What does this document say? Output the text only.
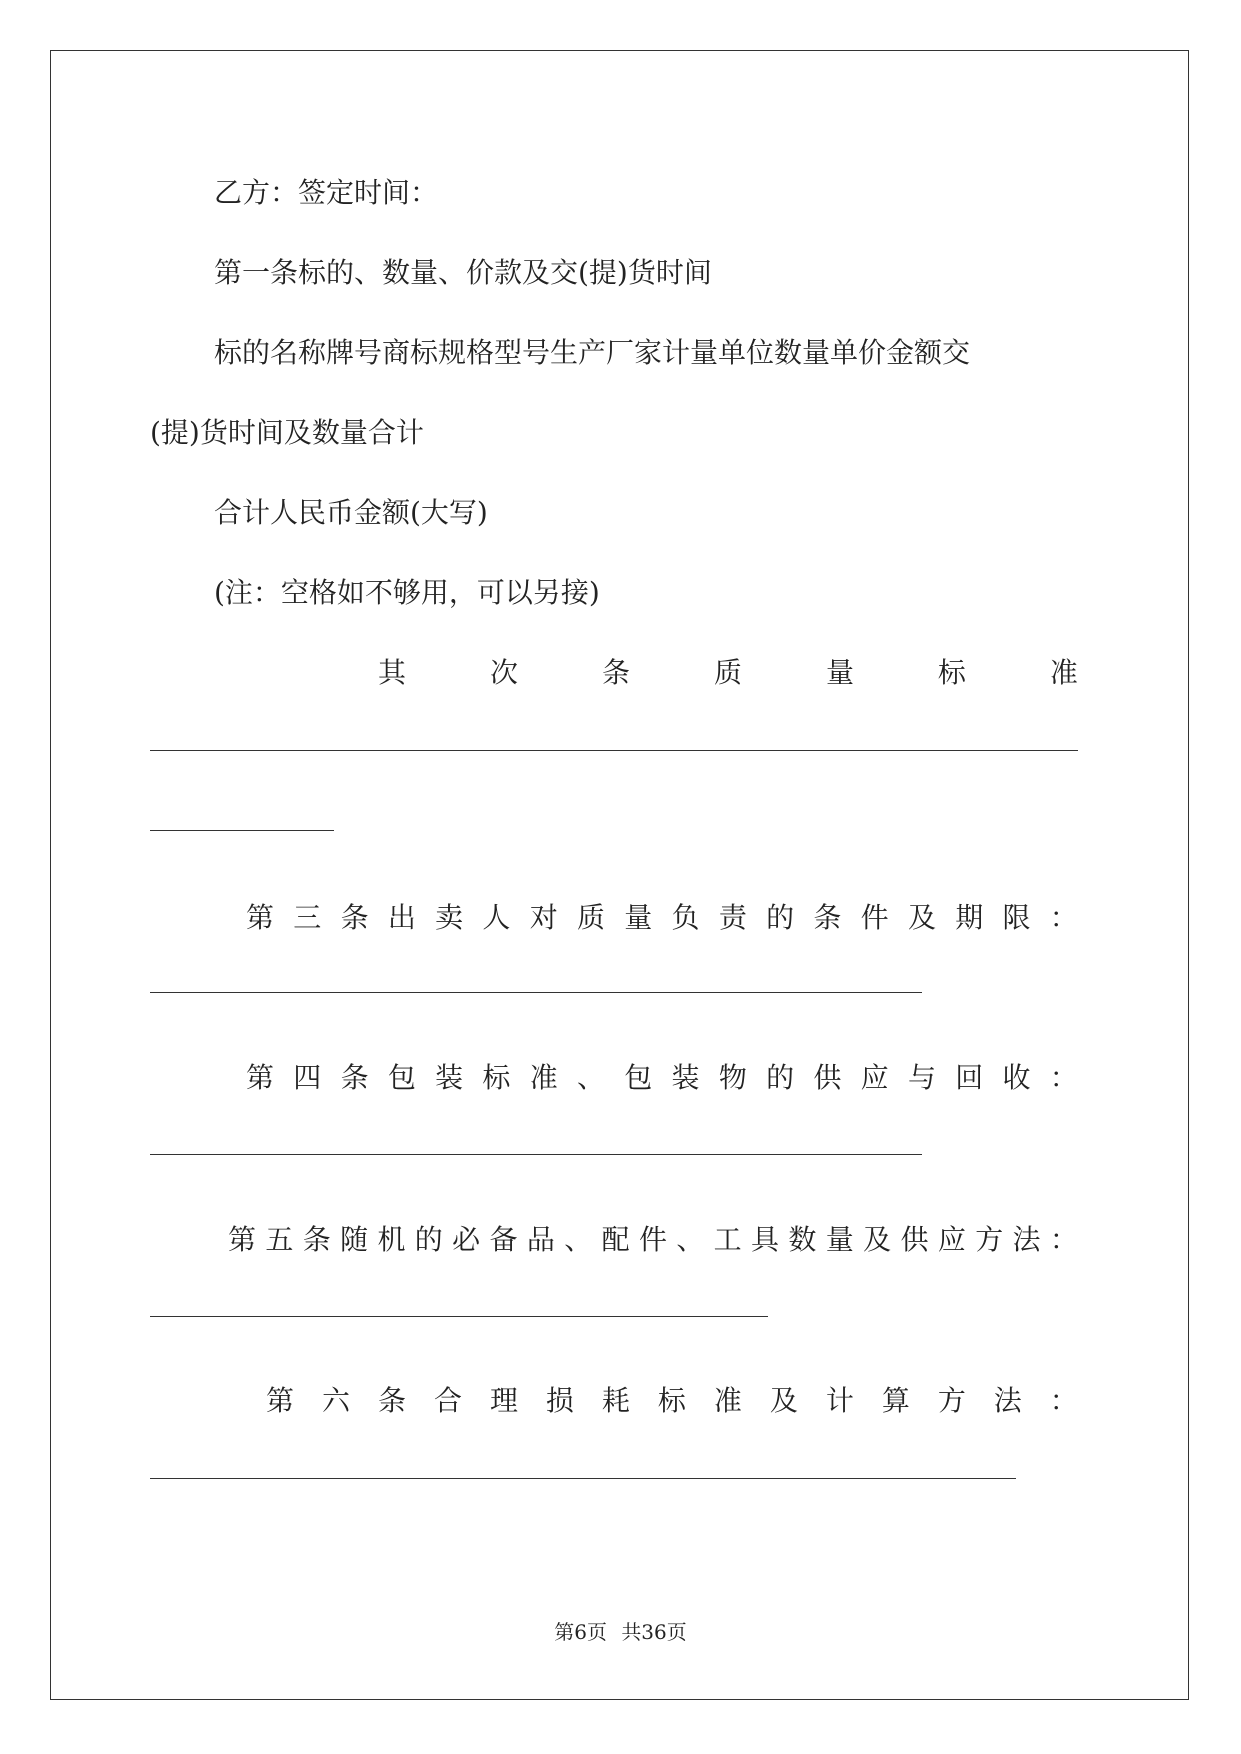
乙方：签定时间：
第一条标的、数量、价款及交(提)货时间
标的名称牌号商标规格型号生产厂家计量单位数量单价金额交
(提)货时间及数量合计
合计人民币金额(大写)
(注：空格如不够用，可以另接)
其	次	条	质	量	标	准
第 三 条 出 卖 人 对 质 量 负 责 的 条 件 及 期 限 ：
第 四 条 包 装 标 准 、 包 装 物 的 供 应 与 回 收 ：
第 五 条 随 机 的 必 备 品 、 配 件 、 工 具 数 量 及 供 应 方 法 ：
第 六 条 合 理 损 耗 标 准 及 计 算 方 法 ：
第6页 共36页
